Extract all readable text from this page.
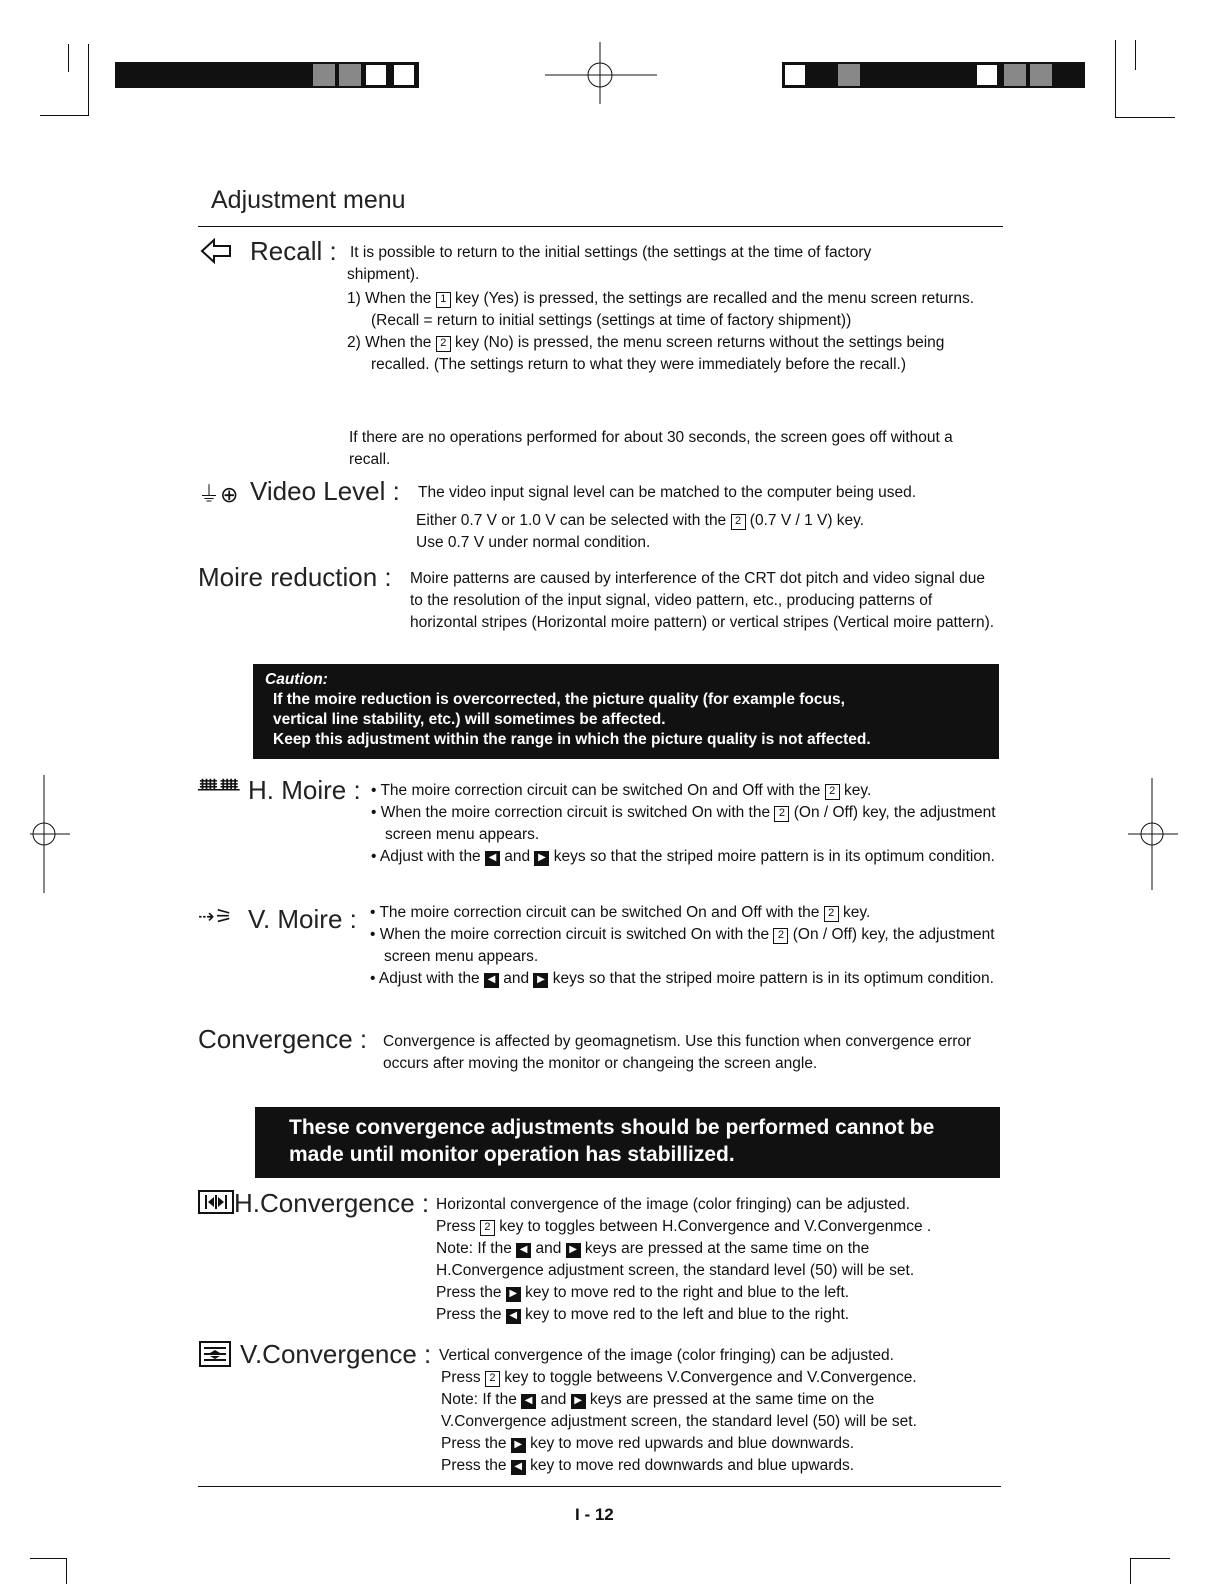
Adjustment menu
Recall : It is possible to return to the initial settings (the settings at the time of factory

shipment).

1) When the 1 key (Yes) is pressed, the settings are recalled and the menu screen returns. (Recall = return to initial settings (settings at time of factory shipment))

2) When the 2 key (No) is pressed, the menu screen returns without the settings being recalled. (The settings return to what they were immediately before the recall.)

If there are no operations performed for about 30 seconds, the screen goes off without a recall.
⏚⊕ Video Level : The video input signal level can be matched to the computer being used.

Either 0.7 V or 1.0 V can be selected with the 2 (0.7 V / 1 V) key.

Use 0.7 V under normal condition.

Moire reduction : Moire patterns are caused by interference of the CRT dot pitch and video signal due to the resolution of the input signal, video pattern, etc., producing patterns of horizontal stripes (Horizontal moire pattern) or vertical stripes (Vertical moire pattern).
Caution:
If the moire reduction is overcorrected, the picture quality (for example focus,
vertical line stability, etc.) will sometimes be affected.
Keep this adjustment within the range in which the picture quality is not affected.
ᚙᚙ H. Moire : • The moire correction circuit can be switched On and Off with the 2 key.

• When the moire correction circuit is switched On with the 2 (On / Off) key, the adjustment screen menu appears.

• Adjust with the ◀ and ▶ keys so that the striped moire pattern is in its optimum condition.

⇢⚞ V. Moire : • The moire correction circuit can be switched On and Off with the 2 key.

• When the moire correction circuit is switched On with the 2 (On / Off) key, the adjustment screen menu appears.

• Adjust with the ◀ and ▶ keys so that the striped moire pattern is in its optimum condition.

Convergence : Convergence is affected by geomagnetism. Use this function when convergence error occurs after moving the monitor or changeing the screen angle.
These convergence adjustments should be performed cannot be
made until monitor operation has stabillized.
H.Convergence : Horizontal convergence of the image (color fringing) can be adjusted.

Press 2 key to toggles between H.Convergence and V.Convergenmce .

Note: If the ◀ and ▶ keys are pressed at the same time on the

H.Convergence adjustment screen, the standard level (50) will be set.

Press the ▶ key to move red to the right and blue to the left.

Press the ◀ key to move red to the left and blue to the right.

V.Convergence : Vertical convergence of the image (color fringing) can be adjusted.

Press 2 key to toggle betweens V.Convergence and V.Convergence.

Note: If the ◀ and ▶ keys are pressed at the same time on the

V.Convergence adjustment screen, the standard level (50) will be set.

Press the ▶ key to move red upwards and blue downwards.

Press the ◀ key to move red downwards and blue upwards.

I - 12
